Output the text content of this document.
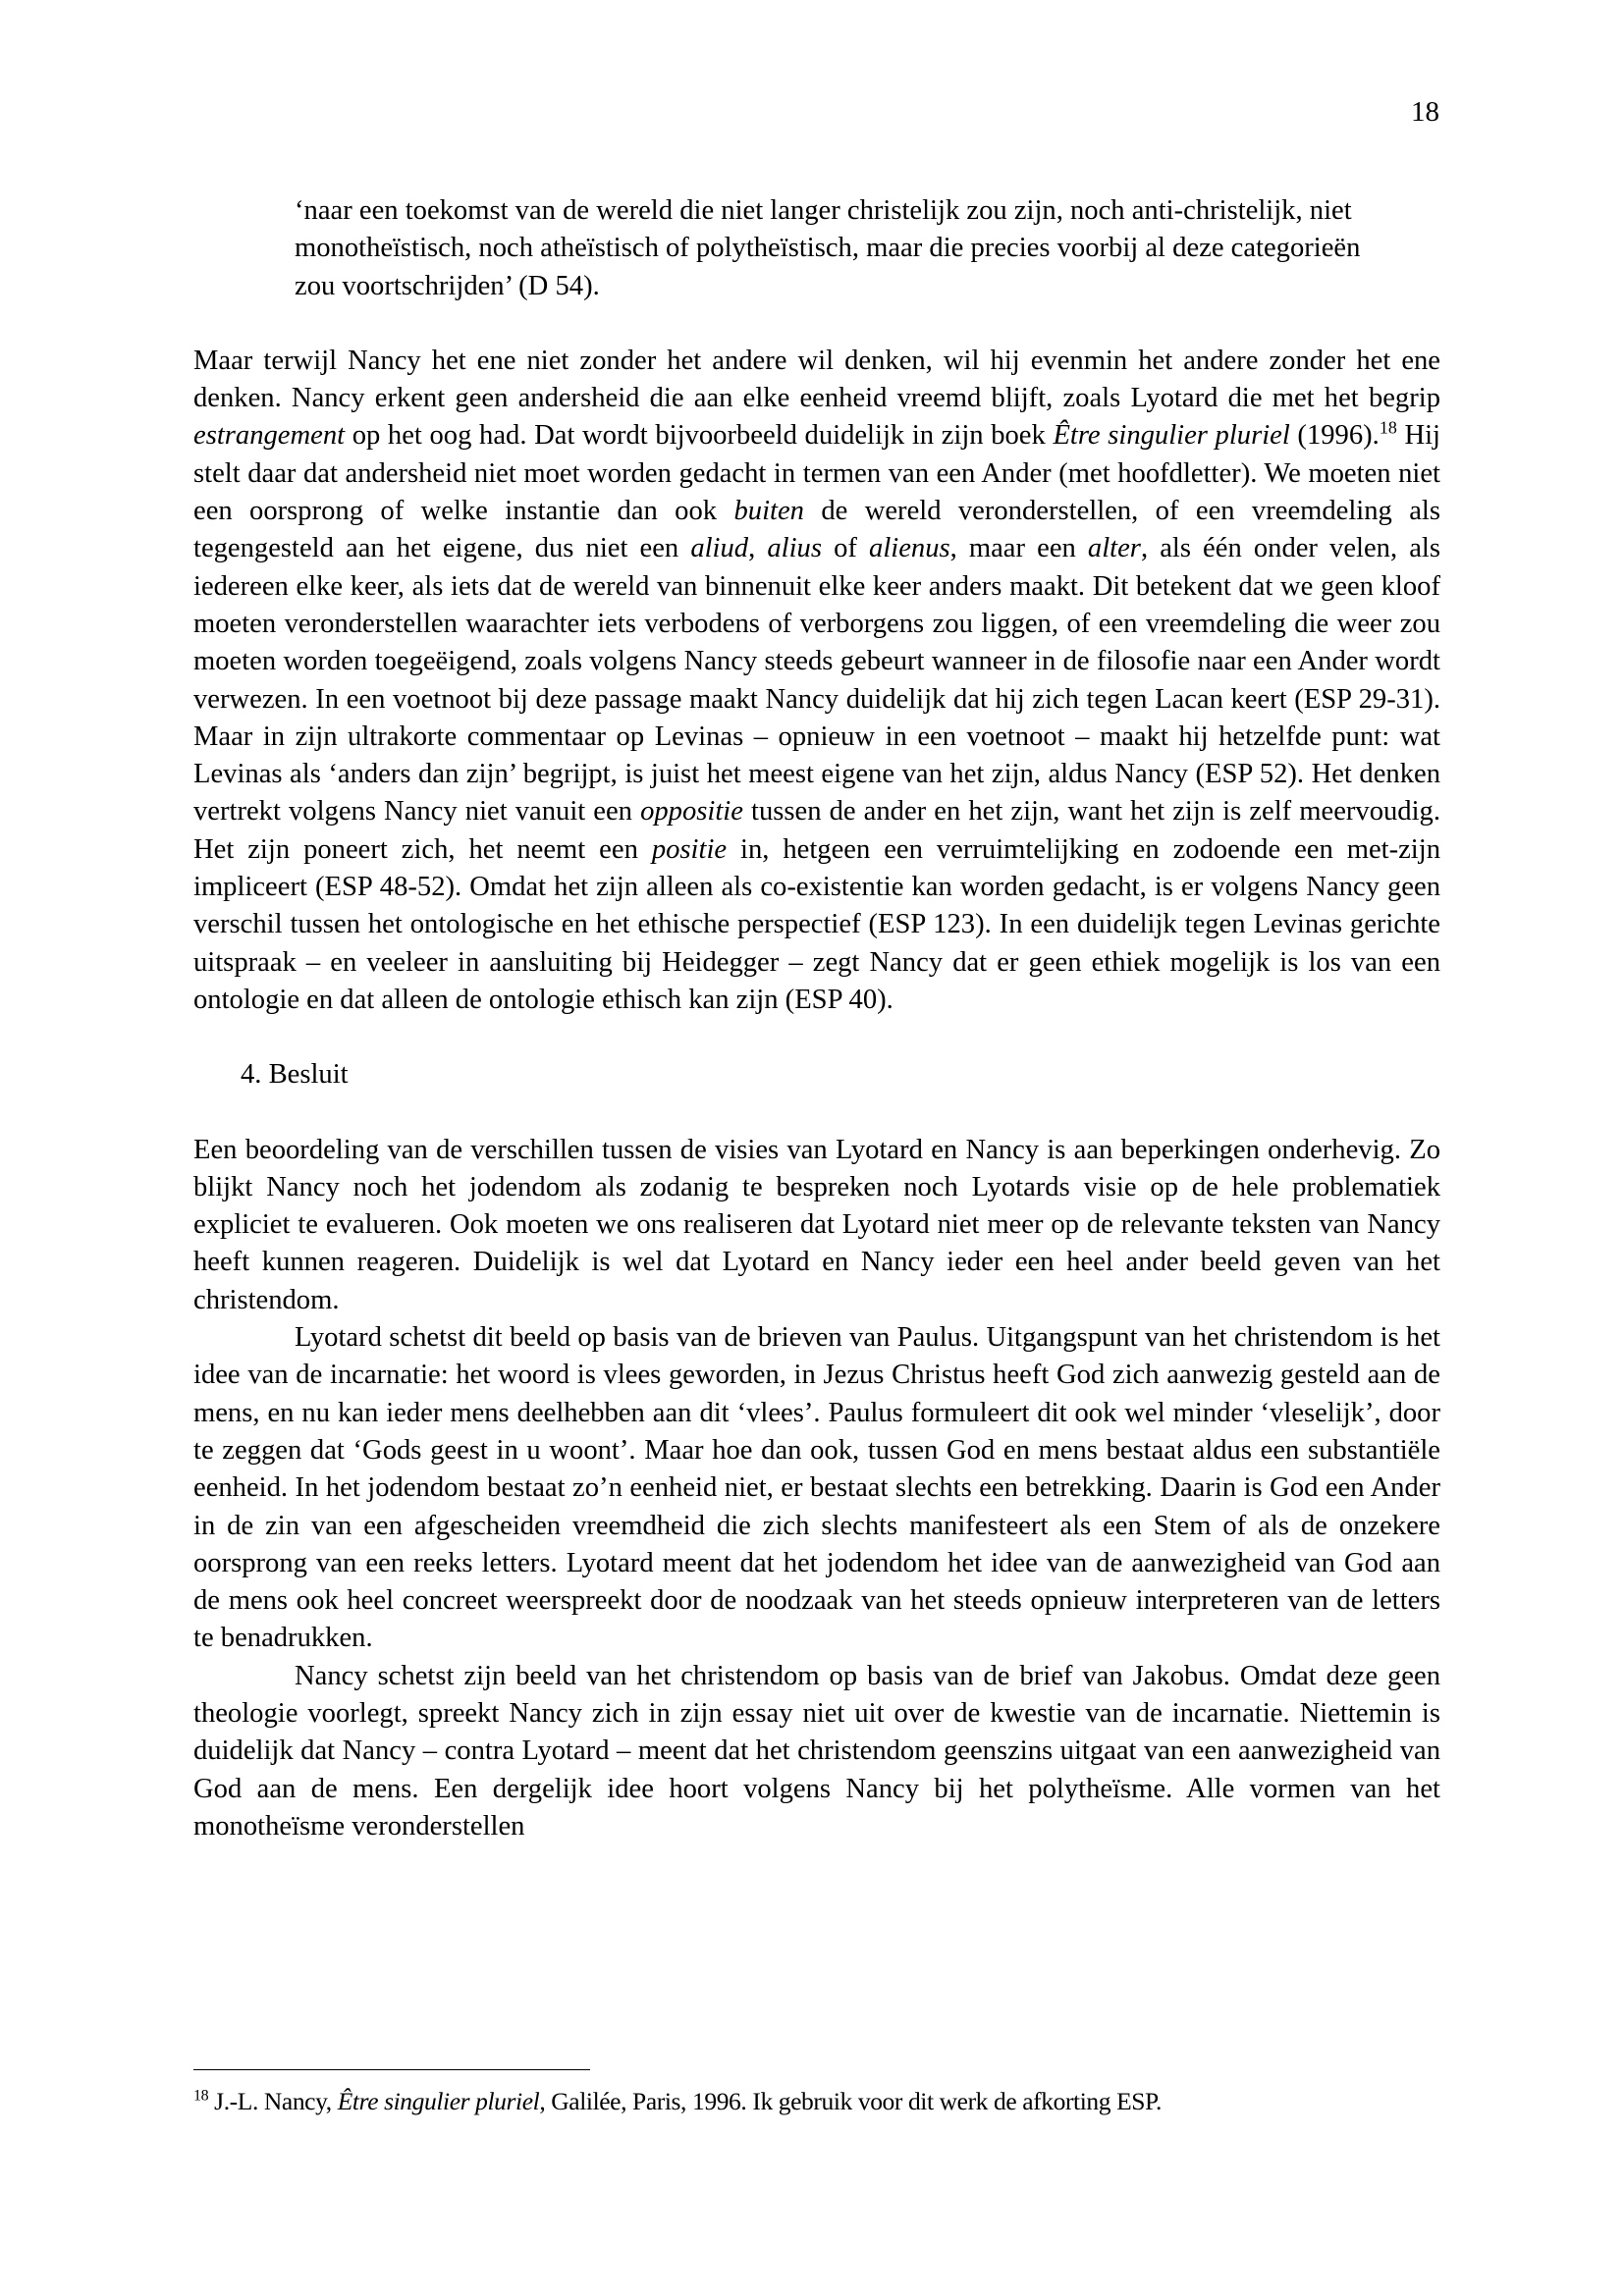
18

‘naar een toekomst van de wereld die niet langer christelijk zou zijn, noch anti-christelijk, niet monotheïstisch, noch atheïstisch of polytheïstisch, maar die precies voorbij al deze categorieën zou voortschrijden’ (D 54).

Maar terwijl Nancy het ene niet zonder het andere wil denken, wil hij evenmin het andere zonder het ene denken. Nancy erkent geen andersheid die aan elke eenheid vreemd blijft, zoals Lyotard die met het begrip estrangement op het oog had. Dat wordt bijvoorbeeld duidelijk in zijn boek Être singulier pluriel (1996).$^{18}$ Hij stelt daar dat andersheid niet moet worden gedacht in termen van een Ander (met hoofdletter). We moeten niet een oorsprong of welke instantie dan ook buiten de wereld veronderstellen, of een vreemdeling als tegengesteld aan het eigene, dus niet een aliud, alius of alienus, maar een alter, als één onder velen, als iedereen elke keer, als iets dat de wereld van binnenuit elke keer anders maakt. Dit betekent dat we geen kloof moeten veronderstellen waarachter iets verbodens of verborgens zou liggen, of een vreemdeling die weer zou moeten worden toegeëigend, zoals volgens Nancy steeds gebeurt wanneer in de filosofie naar een Ander wordt verwezen. In een voetnoot bij deze passage maakt Nancy duidelijk dat hij zich tegen Lacan keert (ESP 29-31). Maar in zijn ultrakorte commentaar op Levinas – opnieuw in een voetnoot – maakt hij hetzelfde punt: wat Levinas als ‘anders dan zijn’ begrijpt, is juist het meest eigene van het zijn, aldus Nancy (ESP 52). Het denken vertrekt volgens Nancy niet vanuit een oppositie tussen de ander en het zijn, want het zijn is zelf meervoudig. Het zijn poneert zich, het neemt een positie in, hetgeen een verruimtelijking en zodoende een met-zijn impliceert (ESP 48-52). Omdat het zijn alleen als co-existentie kan worden gedacht, is er volgens Nancy geen verschil tussen het ontologische en het ethische perspectief (ESP 123). In een duidelijk tegen Levinas gerichte uitspraak – en veeleer in aansluiting bij Heidegger – zegt Nancy dat er geen ethiek mogelijk is los van een ontologie en dat alleen de ontologie ethisch kan zijn (ESP 40).

4. Besluit

Een beoordeling van de verschillen tussen de visies van Lyotard en Nancy is aan beperkingen onderhevig. Zo blijkt Nancy noch het jodendom als zodanig te bespreken noch Lyotards visie op de hele problematiek expliciet te evalueren. Ook moeten we ons realiseren dat Lyotard niet meer op de relevante teksten van Nancy heeft kunnen reageren. Duidelijk is wel dat Lyotard en Nancy ieder een heel ander beeld geven van het christendom.

Lyotard schetst dit beeld op basis van de brieven van Paulus. Uitgangspunt van het christendom is het idee van de incarnatie: het woord is vlees geworden, in Jezus Christus heeft God zich aanwezig gesteld aan de mens, en nu kan ieder mens deelhebben aan dit ‘vlees’. Paulus formuleert dit ook wel minder ‘vleselijk’, door te zeggen dat ‘Gods geest in u woont’. Maar hoe dan ook, tussen God en mens bestaat aldus een substantiële eenheid. In het jodendom bestaat zo’n eenheid niet, er bestaat slechts een betrekking. Daarin is God een Ander in de zin van een afgescheiden vreemdheid die zich slechts manifesteert als een Stem of als de onzekere oorsprong van een reeks letters. Lyotard meent dat het jodendom het idee van de aanwezigheid van God aan de mens ook heel concreet weerspreekt door de noodzaak van het steeds opnieuw interpreteren van de letters te benadrukken.

Nancy schetst zijn beeld van het christendom op basis van de brief van Jakobus. Omdat deze geen theologie voorlegt, spreekt Nancy zich in zijn essay niet uit over de kwestie van de incarnatie. Niettemin is duidelijk dat Nancy – contra Lyotard – meent dat het christendom geenszins uitgaat van een aanwezigheid van God aan de mens. Een dergelijk idee hoort volgens Nancy bij het polytheïsme. Alle vormen van het monotheïsme veronderstellen

$^{18}$ J.-L. Nancy, Être singulier pluriel, Galilée, Paris, 1996. Ik gebruik voor dit werk de afkorting ESP.
